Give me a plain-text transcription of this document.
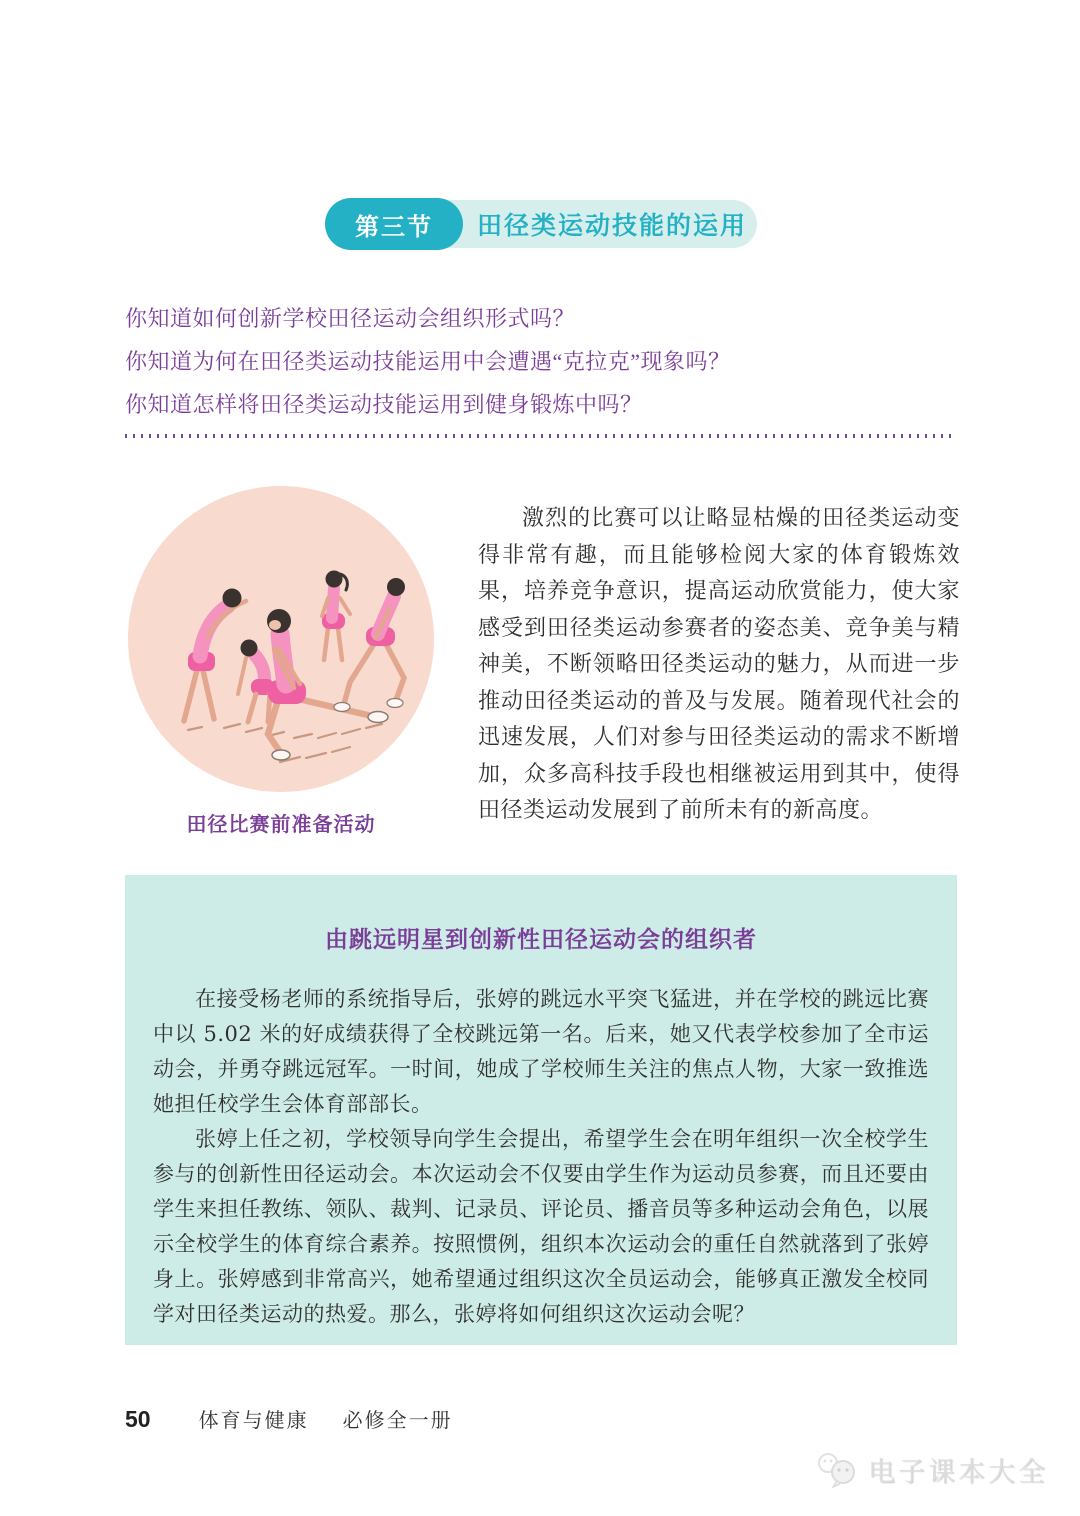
田径类运动技能的运用
第三节

你知道如何创新学校田径运动会组织形式吗？

你知道为何在田径类运动技能运用中会遭遇“克拉克”现象吗？

你知道怎样将田径类运动技能运用到健身锻炼中吗？

田径比赛前准备活动

激烈的比赛可以让略显枯燥的田径类运动变得非常有趣，而且能够检阅大家的体育锻炼效果，培养竞争意识，提高运动欣赏能力，使大家感受到田径类运动参赛者的姿态美、竞争美与精神美，不断领略田径类运动的魅力，从而进一步推动田径类运动的普及与发展。随着现代社会的迅速发展，人们对参与田径类运动的需求不断增加，众多高科技手段也相继被运用到其中，使得田径类运动发展到了前所未有的新高度。

由跳远明星到创新性田径运动会的组织者

在接受杨老师的系统指导后，张婷的跳远水平突飞猛进，并在学校的跳远比赛中以 5.02 米的好成绩获得了全校跳远第一名。后来，她又代表学校参加了全市运动会，并勇夺跳远冠军。一时间，她成了学校师生关注的焦点人物，大家一致推选她担任校学生会体育部部长。

张婷上任之初，学校领导向学生会提出，希望学生会在明年组织一次全校学生参与的创新性田径运动会。本次运动会不仅要由学生作为运动员参赛，而且还要由学生来担任教练、领队、裁判、记录员、评论员、播音员等多种运动会角色，以展示全校学生的体育综合素养。按照惯例，组织本次运动会的重任自然就落到了张婷身上。张婷感到非常高兴，她希望通过组织这次全员运动会，能够真正激发全校同学对田径类运动的热爱。那么，张婷将如何组织这次运动会呢？

50 体育与健康 必修全一册
电子课本大全
